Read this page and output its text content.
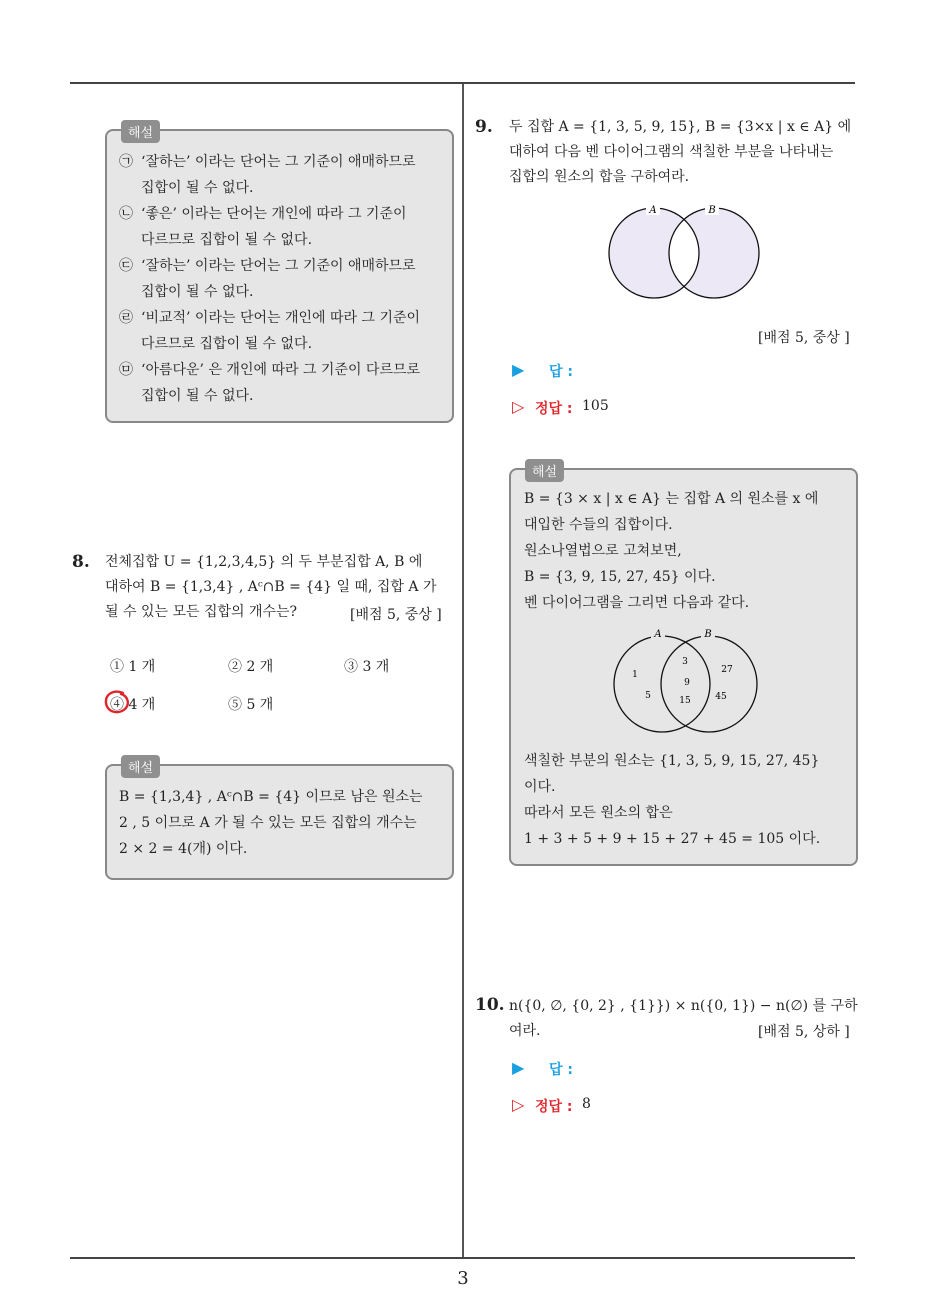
해설
㉠ ‘잘하는’ 이라는 단어는 그 기준이 애매하므로
집합이 될 수 없다.
㉡ ‘좋은’ 이라는 단어는 개인에 따라 그 기준이
다르므로 집합이 될 수 없다.
㉢ ‘잘하는’ 이라는 단어는 그 기준이 애매하므로
집합이 될 수 없다.
㉣ ‘비교적’ 이라는 단어는 개인에 따라 그 기준이
다르므로 집합이 될 수 없다.
㉤ ‘아름다운’ 은 개인에 따라 그 기준이 다르므로
집합이 될 수 없다.
8. 전체집합 U = {1,2,3,4,5} 의 두 부분집합 A, B 에
대하여 B = {1,3,4} , Aᶜ∩B = {4} 일 때, 집합 A 가
될 수 있는 모든 집합의 개수는?	[배점 5, 중상 ]
① 1 개	② 2 개	③ 3 개
④ 4 개	⑤ 5 개
해설
B = {1,3,4} , Aᶜ∩B = {4} 이므로 남은 원소는
2 , 5 이므로 A 가 될 수 있는 모든 집합의 개수는
2 × 2 = 4(개) 이다.
9. 두 집합 A = {1, 3, 5, 9, 15}, B = {3×x | x ∈ A} 에
대하여 다음 벤 다이어그램의 색칠한 부분을 나타내는
집합의 원소의 합을 구하여라.
A	B
[배점 5, 중상 ]
▶ 답 :
▷ 정답 : 105
해설
B = {3 × x | x ∈ A} 는 집합 A 의 원소를 x 에
대입한 수들의 집합이다.
원소나열법으로 고쳐보면,
B = {3, 9, 15, 27, 45} 이다.
벤 다이어그램을 그리면 다음과 같다.
A	B
1
5
3
9
15
27
45
색칠한 부분의 원소는 {1, 3, 5, 9, 15, 27, 45}
이다.
따라서 모든 원소의 합은
1 + 3 + 5 + 9 + 15 + 27 + 45 = 105 이다.
10. n({0, ∅, {0, 2} , {1}}) × n({0, 1}) − n(∅) 를 구하여라.	[배점 5, 상하 ]
▶ 답 :
▷ 정답 : 8
3
